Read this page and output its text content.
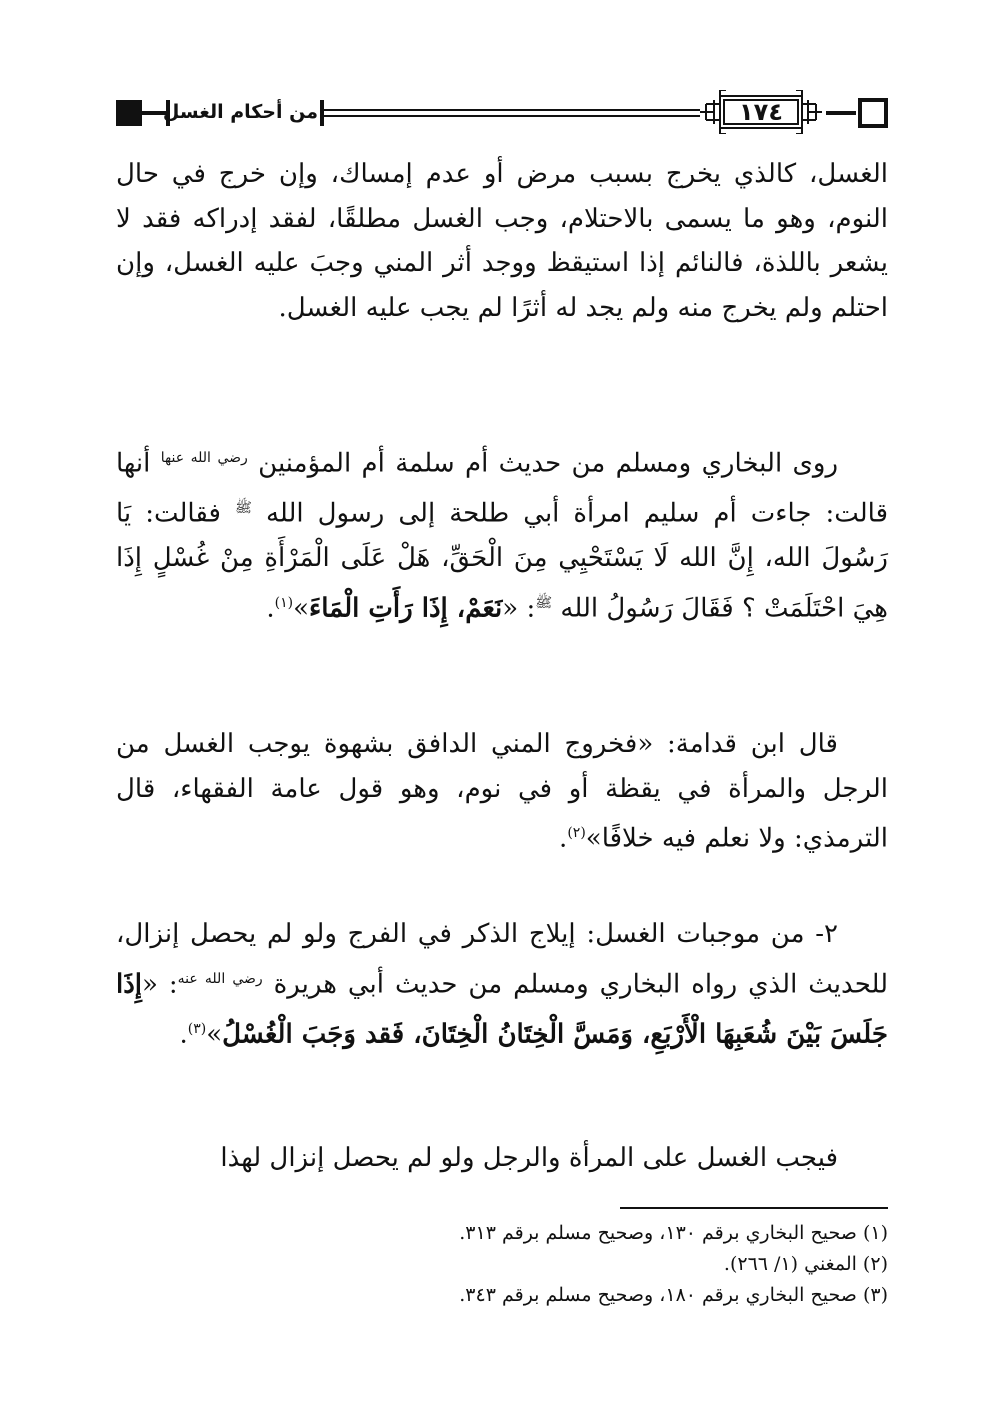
من أحكام الغسل	١٧٤

الغسل، كالذي يخرج بسبب مرض أو عدم إمساك، وإن خرج في حال النوم، وهو ما يسمى بالاحتلام، وجب الغسل مطلقًا، لفقد إدراكه فقد لا يشعر باللذة، فالنائم إذا استيقظ ووجد أثر المني وجبَ عليه الغسل، وإن احتلم ولم يخرج منه ولم يجد له أثرًا لم يجب عليه الغسل.

روى البخاري ومسلم من حديث أم سلمة أم المؤمنين $^{رضي الله عنها}$ أنها قالت: جاءت أم سليم امرأة أبي طلحة إلى رسول الله $^ﷺ$ فقالت: يَا رَسُولَ الله، إِنَّ الله لَا يَسْتَحْيِي مِنَ الْحَقِّ، هَلْ عَلَى الْمَرْأَةِ مِنْ غُسْلٍ إِذَا هِيَ احْتَلَمَتْ ؟ فَقَالَ رَسُولُ الله $^ﷺ$: «نَعَمْ، إِذَا رَأَتِ الْمَاءَ»$^{(١)}$.

قال ابن قدامة: «فخروج المني الدافق بشهوة يوجب الغسل من الرجل والمرأة في يقظة أو في نوم، وهو قول عامة الفقهاء، قال الترمذي: ولا نعلم فيه خلافًا»$^{(٢)}$.

٢- من موجبات الغسل: إيلاج الذكر في الفرج ولو لم يحصل إنزال، للحديث الذي رواه البخاري ومسلم من حديث أبي هريرة $^{رضي الله عنه}$: «إِذَا جَلَسَ بَيْنَ شُعَبِهَا الْأَرْبَعِ، وَمَسَّ الْخِتَانُ الْخِتَانَ، فَقد وَجَبَ الْغُسْلُ»$^{(٣)}$.

فيجب الغسل على المرأة والرجل ولو لم يحصل إنزال لهذا

(١) صحيح البخاري برقم ١٣٠، وصحيح مسلم برقم ٣١٣.

(٢) المغني (١/ ٢٦٦).

(٣) صحيح البخاري برقم ١٨٠، وصحيح مسلم برقم ٣٤٣.
